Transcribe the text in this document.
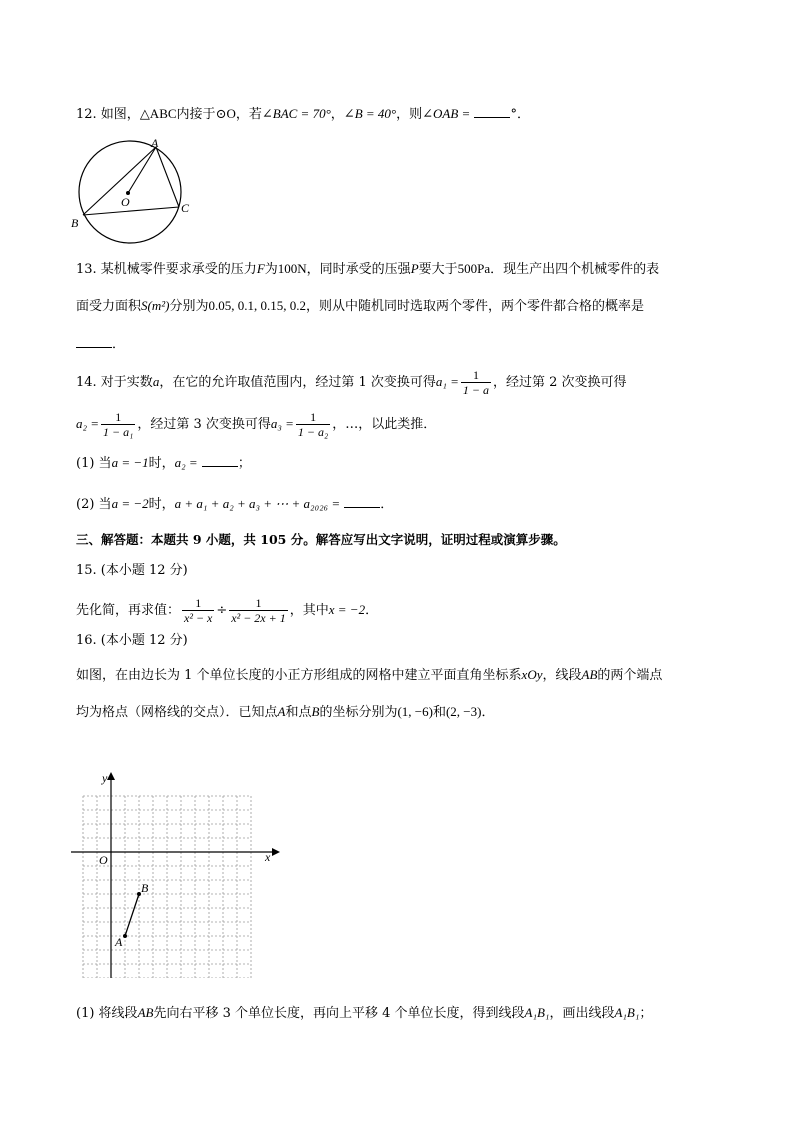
12. 如图，△ABC内接于⊙O，若∠BAC = 70°，∠B = 40°，则∠OAB =	°．
A
B
C
O
13. 某机械零件要求承受的压力F为100N，同时承受的压强P要大于500Pa．现生产出四个机械零件的表
面受力面积S(m²)分别为0.05, 0.1, 0.15, 0.2，则从中随机同时选取两个零件，两个零件都合格的概率是
．
14. 对于实数a，在它的允许取值范围内，经过第 1 次变换可得$a_1 = \frac{1}{1 - a}$ ，经过第 2 次变换可得
$a_2 = \frac{1}{\text{1 − a₁}}$ ，经过第 3 次变换可得$a_3 = \frac{1}{\text{1 − a₂}}$ ，…，以此类推．
(1) 当a = −1时，a₂ =	；
(2) 当a = −2时，a + a₁ + a₂ + a₃ + ⋯ + a₂₀₂₆ =	．
三、解答题：本题共 9 小题，共 105 分。解答应写出文字说明，证明过程或演算步骤。
15. (本小题 12 分)
先化简，再求值： $\frac{1}{\text{x² − x}} \div \frac{1}{\text{x² − 2x + 1}}$ ，其中x = −2．
16. (本小题 12 分)
如图，在由边长为 1 个单位长度的小正方形组成的网格中建立平面直角坐标系xOy，线段AB的两个端点
均为格点（网格线的交点）．已知点A和点B的坐标分别为(1, −6)和(2, −3)．
x
y
O
A
B
(1) 将线段AB先向右平移 3 个单位长度，再向上平移 4 个单位长度，得到线段A₁B₁，画出线段A₁B₁；
